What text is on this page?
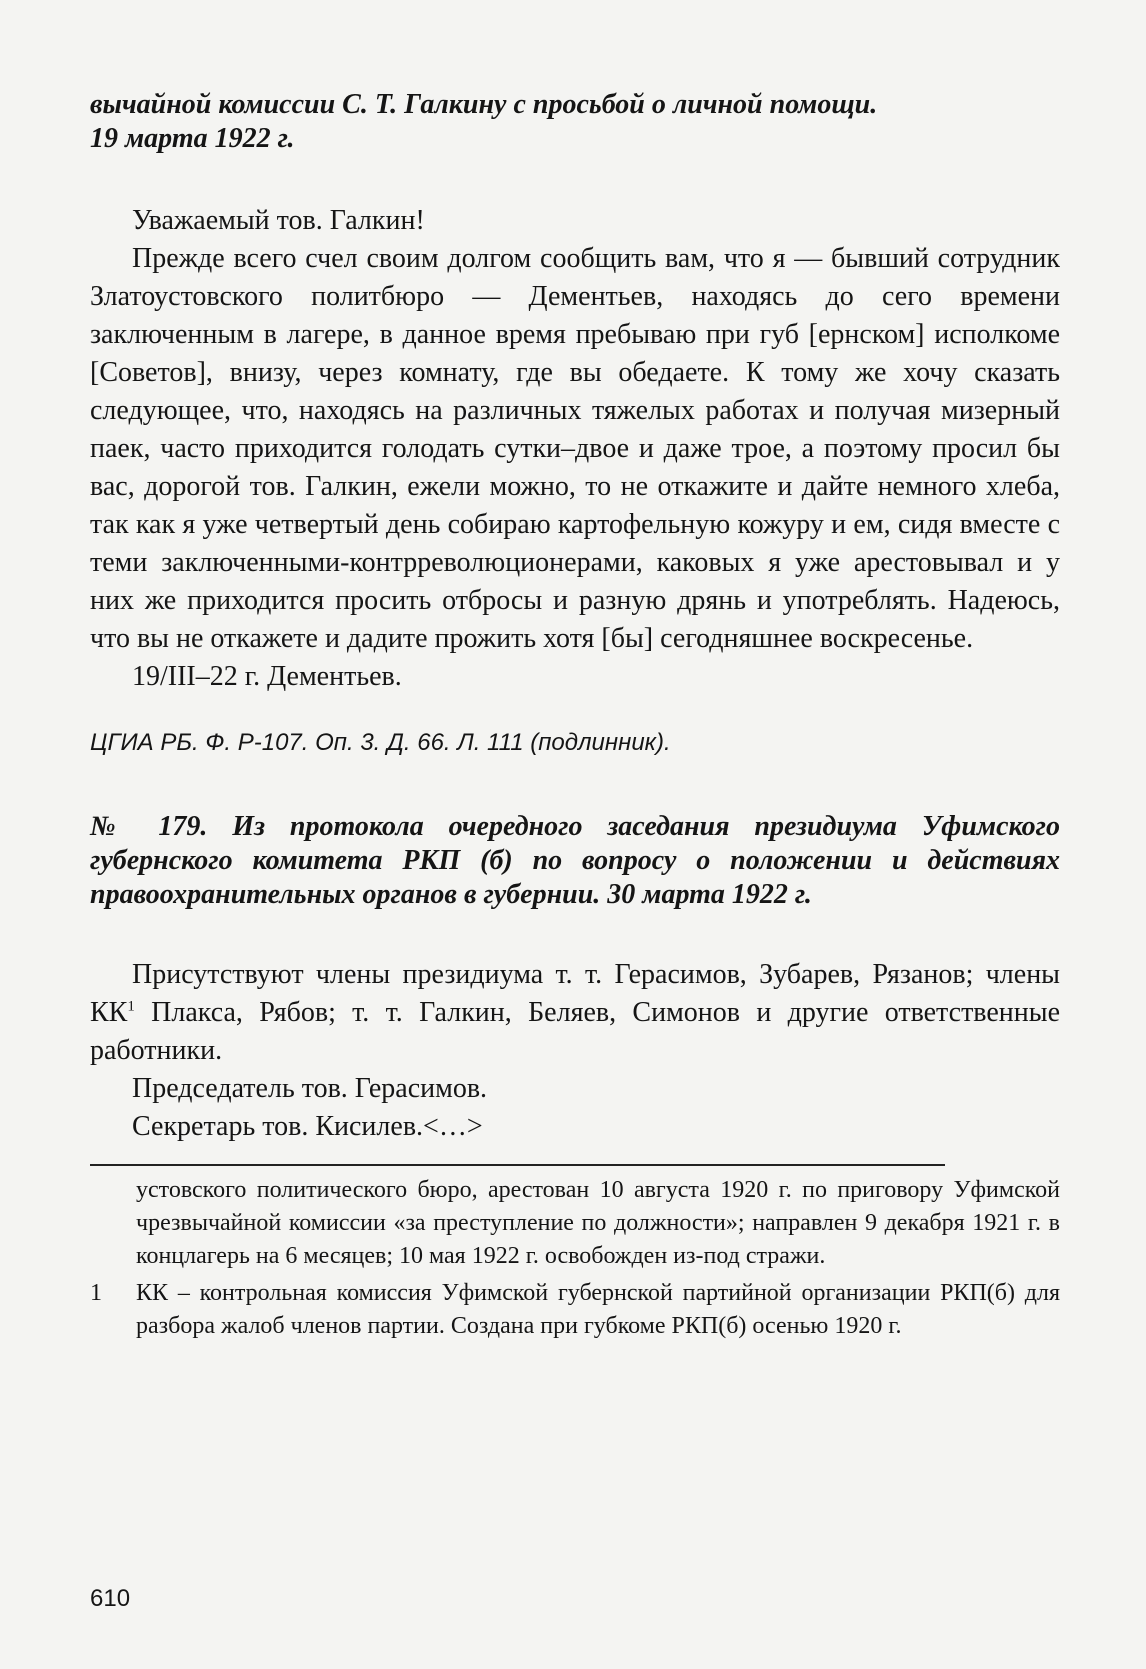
вычайной комиссии С. Т. Галкину с просьбой о личной помощи.
19 марта 1922 г.

Уважаемый тов. Галкин!

Прежде всего счел своим долгом сообщить вам, что я — бывший сотрудник Златоустовского политбюро — Дементьев, находясь до сего времени заключенным в лагере, в данное время пребываю при губ [ернском] исполкоме [Советов], внизу, через комнату, где вы обедаете. К тому же хочу сказать следующее, что, находясь на различных тяжелых работах и получая мизерный паек, часто приходится голодать сутки–двое и даже трое, а поэтому просил бы вас, дорогой тов. Галкин, ежели можно, то не откажите и дайте немного хлеба, так как я уже четвертый день собираю картофельную кожуру и ем, сидя вместе с теми заключенными-контрреволюционерами, каковых я уже арестовывал и у них же приходится просить отбросы и разную дрянь и употреблять. Надеюсь, что вы не откажете и дадите прожить хотя [бы] сегодняшнее воскресенье.

19/III–22 г. Дементьев.

ЦГИА РБ. Ф. Р-107. Оп. 3. Д. 66. Л. 111 (подлинник).

№ 179. Из протокола очередного заседания президиума Уфимского губернского комитета РКП (б) по вопросу о положении и действиях правоохранительных органов в губернии. 30 марта 1922 г.

Присутствуют члены президиума т. т. Герасимов, Зубарев, Рязанов; члены $КК^1$ Плакса, Рябов; т. т. Галкин, Беляев, Симонов и другие ответственные работники.

Председатель тов. Герасимов.

Секретарь тов. Кисилев.<…>

устовского политического бюро, арестован 10 августа 1920 г. по приговору Уфимской чрезвычайной комиссии «за преступление по должности»; направлен 9 декабря 1921 г. в концлагерь на 6 месяцев; 10 мая 1922 г. освобожден из-под стражи.

1 КК – контрольная комиссия Уфимской губернской партийной организации РКП(б) для разбора жалоб членов партии. Создана при губкоме РКП(б) осенью 1920 г.

610
